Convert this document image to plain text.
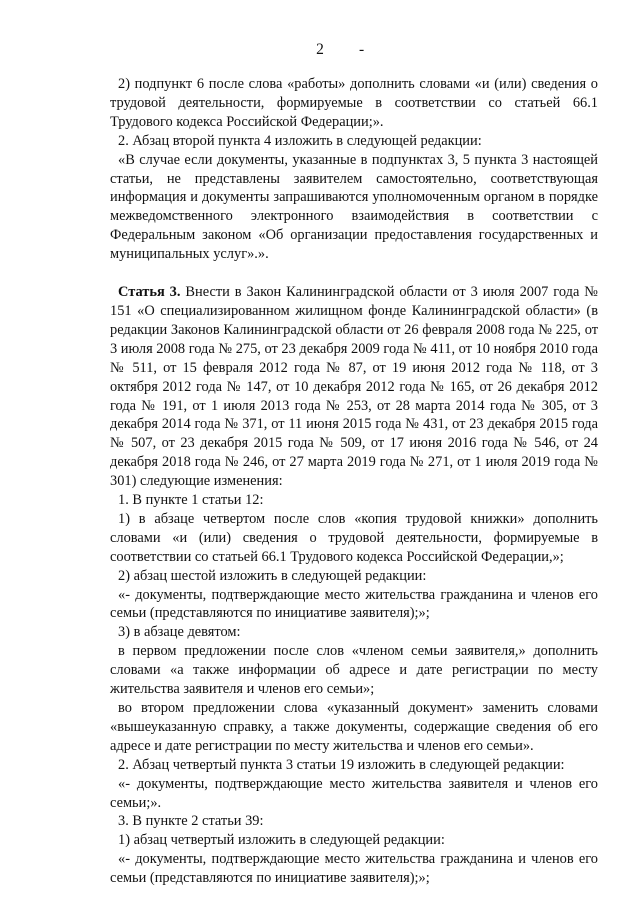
2	-

2) подпункт 6 после слова «работы» дополнить словами «и (или) сведения о трудовой деятельности, формируемые в соответствии со статьей 66.1 Трудового кодекса Российской Федерации;».

2. Абзац второй пункта 4 изложить в следующей редакции:

«В случае если документы, указанные в подпунктах 3, 5 пункта 3 настоящей статьи, не представлены заявителем самостоятельно, соответствующая информация и документы запрашиваются уполномоченным органом в порядке межведомственного электронного взаимодействия в соответствии с Федеральным законом «Об организации предоставления государственных и муниципальных услуг».».

Статья 3. Внести в Закон Калининградской области от 3 июля 2007 года № 151 «О специализированном жилищном фонде Калининградской области» (в редакции Законов Калининградской области от 26 февраля 2008 года № 225, от 3 июля 2008 года № 275, от 23 декабря 2009 года № 411, от 10 ноября 2010 года № 511, от 15 февраля 2012 года № 87, от 19 июня 2012 года № 118, от 3 октября 2012 года № 147, от 10 декабря 2012 года № 165, от 26 декабря 2012 года № 191, от 1 июля 2013 года № 253, от 28 марта 2014 года № 305, от 3 декабря 2014 года № 371, от 11 июня 2015 года № 431, от 23 декабря 2015 года № 507, от 23 декабря 2015 года № 509, от 17 июня 2016 года № 546, от 24 декабря 2018 года № 246, от 27 марта 2019 года № 271, от 1 июля 2019 года № 301) следующие изменения:

1. В пункте 1 статьи 12:

1) в абзаце четвертом после слов «копия трудовой книжки» дополнить словами «и (или) сведения о трудовой деятельности, формируемые в соответствии со статьей 66.1 Трудового кодекса Российской Федерации,»;

2) абзац шестой изложить в следующей редакции:

«- документы, подтверждающие место жительства гражданина и членов его семьи (представляются по инициативе заявителя);»;

3) в абзаце девятом:

в первом предложении после слов «членом семьи заявителя,» дополнить словами «а также информации об адресе и дате регистрации по месту жительства заявителя и членов его семьи»;

во втором предложении слова «указанный документ» заменить словами «вышеуказанную справку, а также документы, содержащие сведения об его адресе и дате регистрации по месту жительства и членов его семьи».

2. Абзац четвертый пункта 3 статьи 19 изложить в следующей редакции:

«- документы, подтверждающие место жительства заявителя и членов его семьи;».

3. В пункте 2 статьи 39:

1) абзац четвертый изложить в следующей редакции:

«- документы, подтверждающие место жительства гражданина и членов его семьи (представляются по инициативе заявителя);»;
